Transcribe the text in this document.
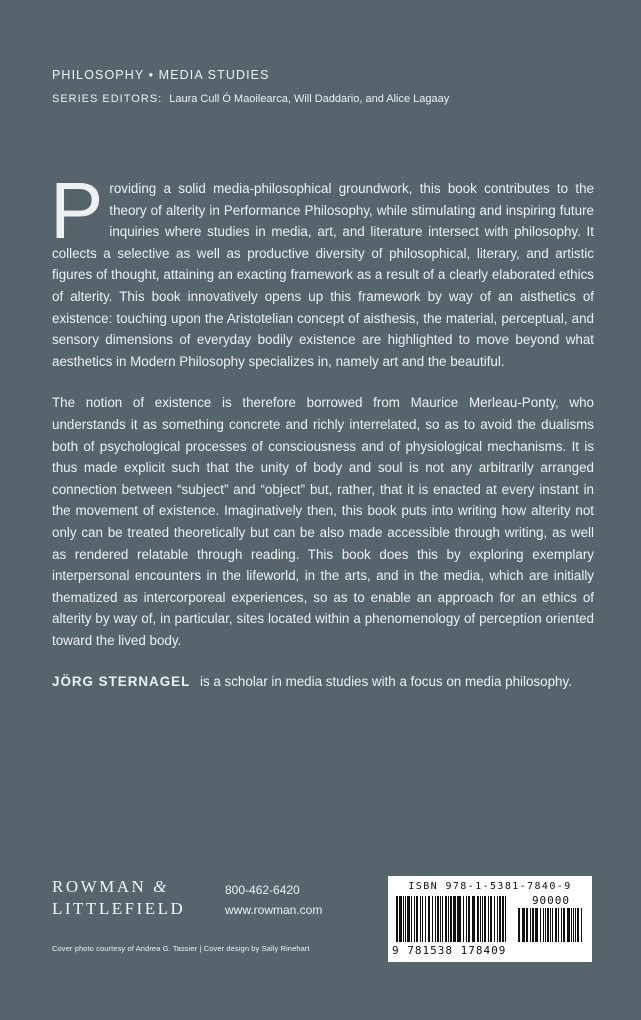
PHILOSOPHY • MEDIA STUDIES
SERIES EDITORS: Laura Cull Ó Maoilearca, Will Daddario, and Alice Lagaay

P roviding a solid media-philosophical groundwork, this book contributes to the theory of alterity in Performance Philosophy, while stimulating and inspiring future inquiries where studies in media, art, and literature intersect with philosophy. It collects a selective as well as productive diversity of philosophical, literary, and artistic figures of thought, attaining an exacting framework as a result of a clearly elaborated ethics of alterity. This book innovatively opens up this framework by way of an aisthetics of existence: touching upon the Aristotelian concept of aisthesis, the material, perceptual, and sensory dimensions of everyday bodily existence are highlighted to move beyond what aesthetics in Modern Philosophy specializes in, namely art and the beautiful.

The notion of existence is therefore borrowed from Maurice Merleau-Ponty, who understands it as something concrete and richly interrelated, so as to avoid the dualisms both of psychological processes of consciousness and of physiological mechanisms. It is thus made explicit such that the unity of body and soul is not any arbitrarily arranged connection between “subject” and “object” but, rather, that it is enacted at every instant in the movement of existence. Imaginatively then, this book puts into writing how alterity not only can be treated theoretically but can be also made accessible through writing, as well as rendered relatable through reading. This book does this by exploring exemplary interpersonal encounters in the lifeworld, in the arts, and in the media, which are initially thematized as intercorporeal experiences, so as to enable an approach for an ethics of alterity by way of, in particular, sites located within a phenomenology of perception oriented toward the lived body.

JÖRG STERNAGEL is a scholar in media studies with a focus on media philosophy.

ROWMAN &
LITTLEFIELD
800-462-6420
www.rowman.com
Cover photo courtesy of Andrea G. Tassier | Cover design by Sally Rinehart
ISBN 978-1-5381-7840-9
90000
9 781538 178409
